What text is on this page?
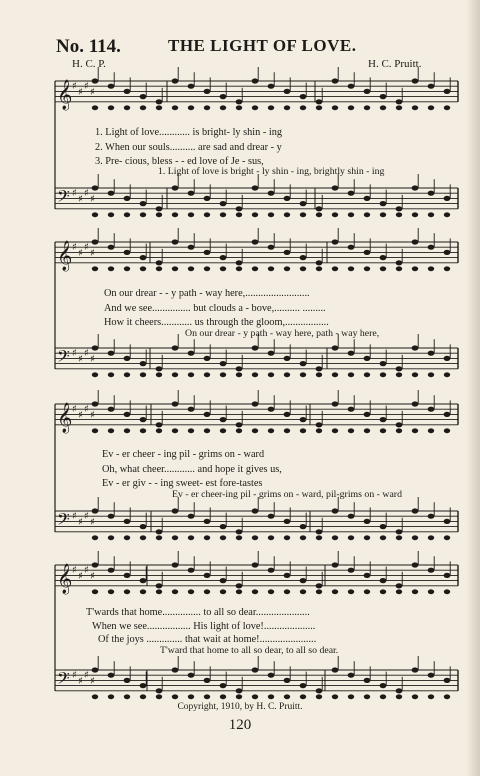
No. 114.	THE LIGHT OF LOVE.
H. C. P.	H. C. Pruitt.
♯
♯
♯
♯
♯
♯
♯
♯
𝄞
𝄢
♯
♯
♯
♯
♯
♯
♯
♯
𝄞
𝄢
♯
♯
♯
♯
♯
♯
♯
♯
𝄞
𝄢
♯
♯
♯
♯
♯
♯
♯
♯
𝄞
𝄢
1. Light of love............ is bright- ly shin - ing
2. When our souls.......... are sad and drear - y
3. Pre- cious, bless - - ed love of Je - sus,
1. Light of love is bright - ly shin - ing, brightly shin - ing
On our drear - - y path - way here,.........................
And we see............... but clouds a - bove,.......... .........
How it cheers............ us through the gloom,.................
On our drear - y path - way here, path - way here,
Ev - er cheer - ing pil - grims on - ward
Oh, what cheer............ and hope it gives us,
Ev - er giv - - ing sweet- est fore-tastes
Ev - er cheer-ing pil - grims on - ward, pil-grims on - ward
T'wards that home............... to all so dear.....................
When we see................. His light of love!....................
Of the joys .............. that wait at home!......................
T'ward that home to all so dear, to all so dear.
Copyright, 1910, by H. C. Pruitt.
120
